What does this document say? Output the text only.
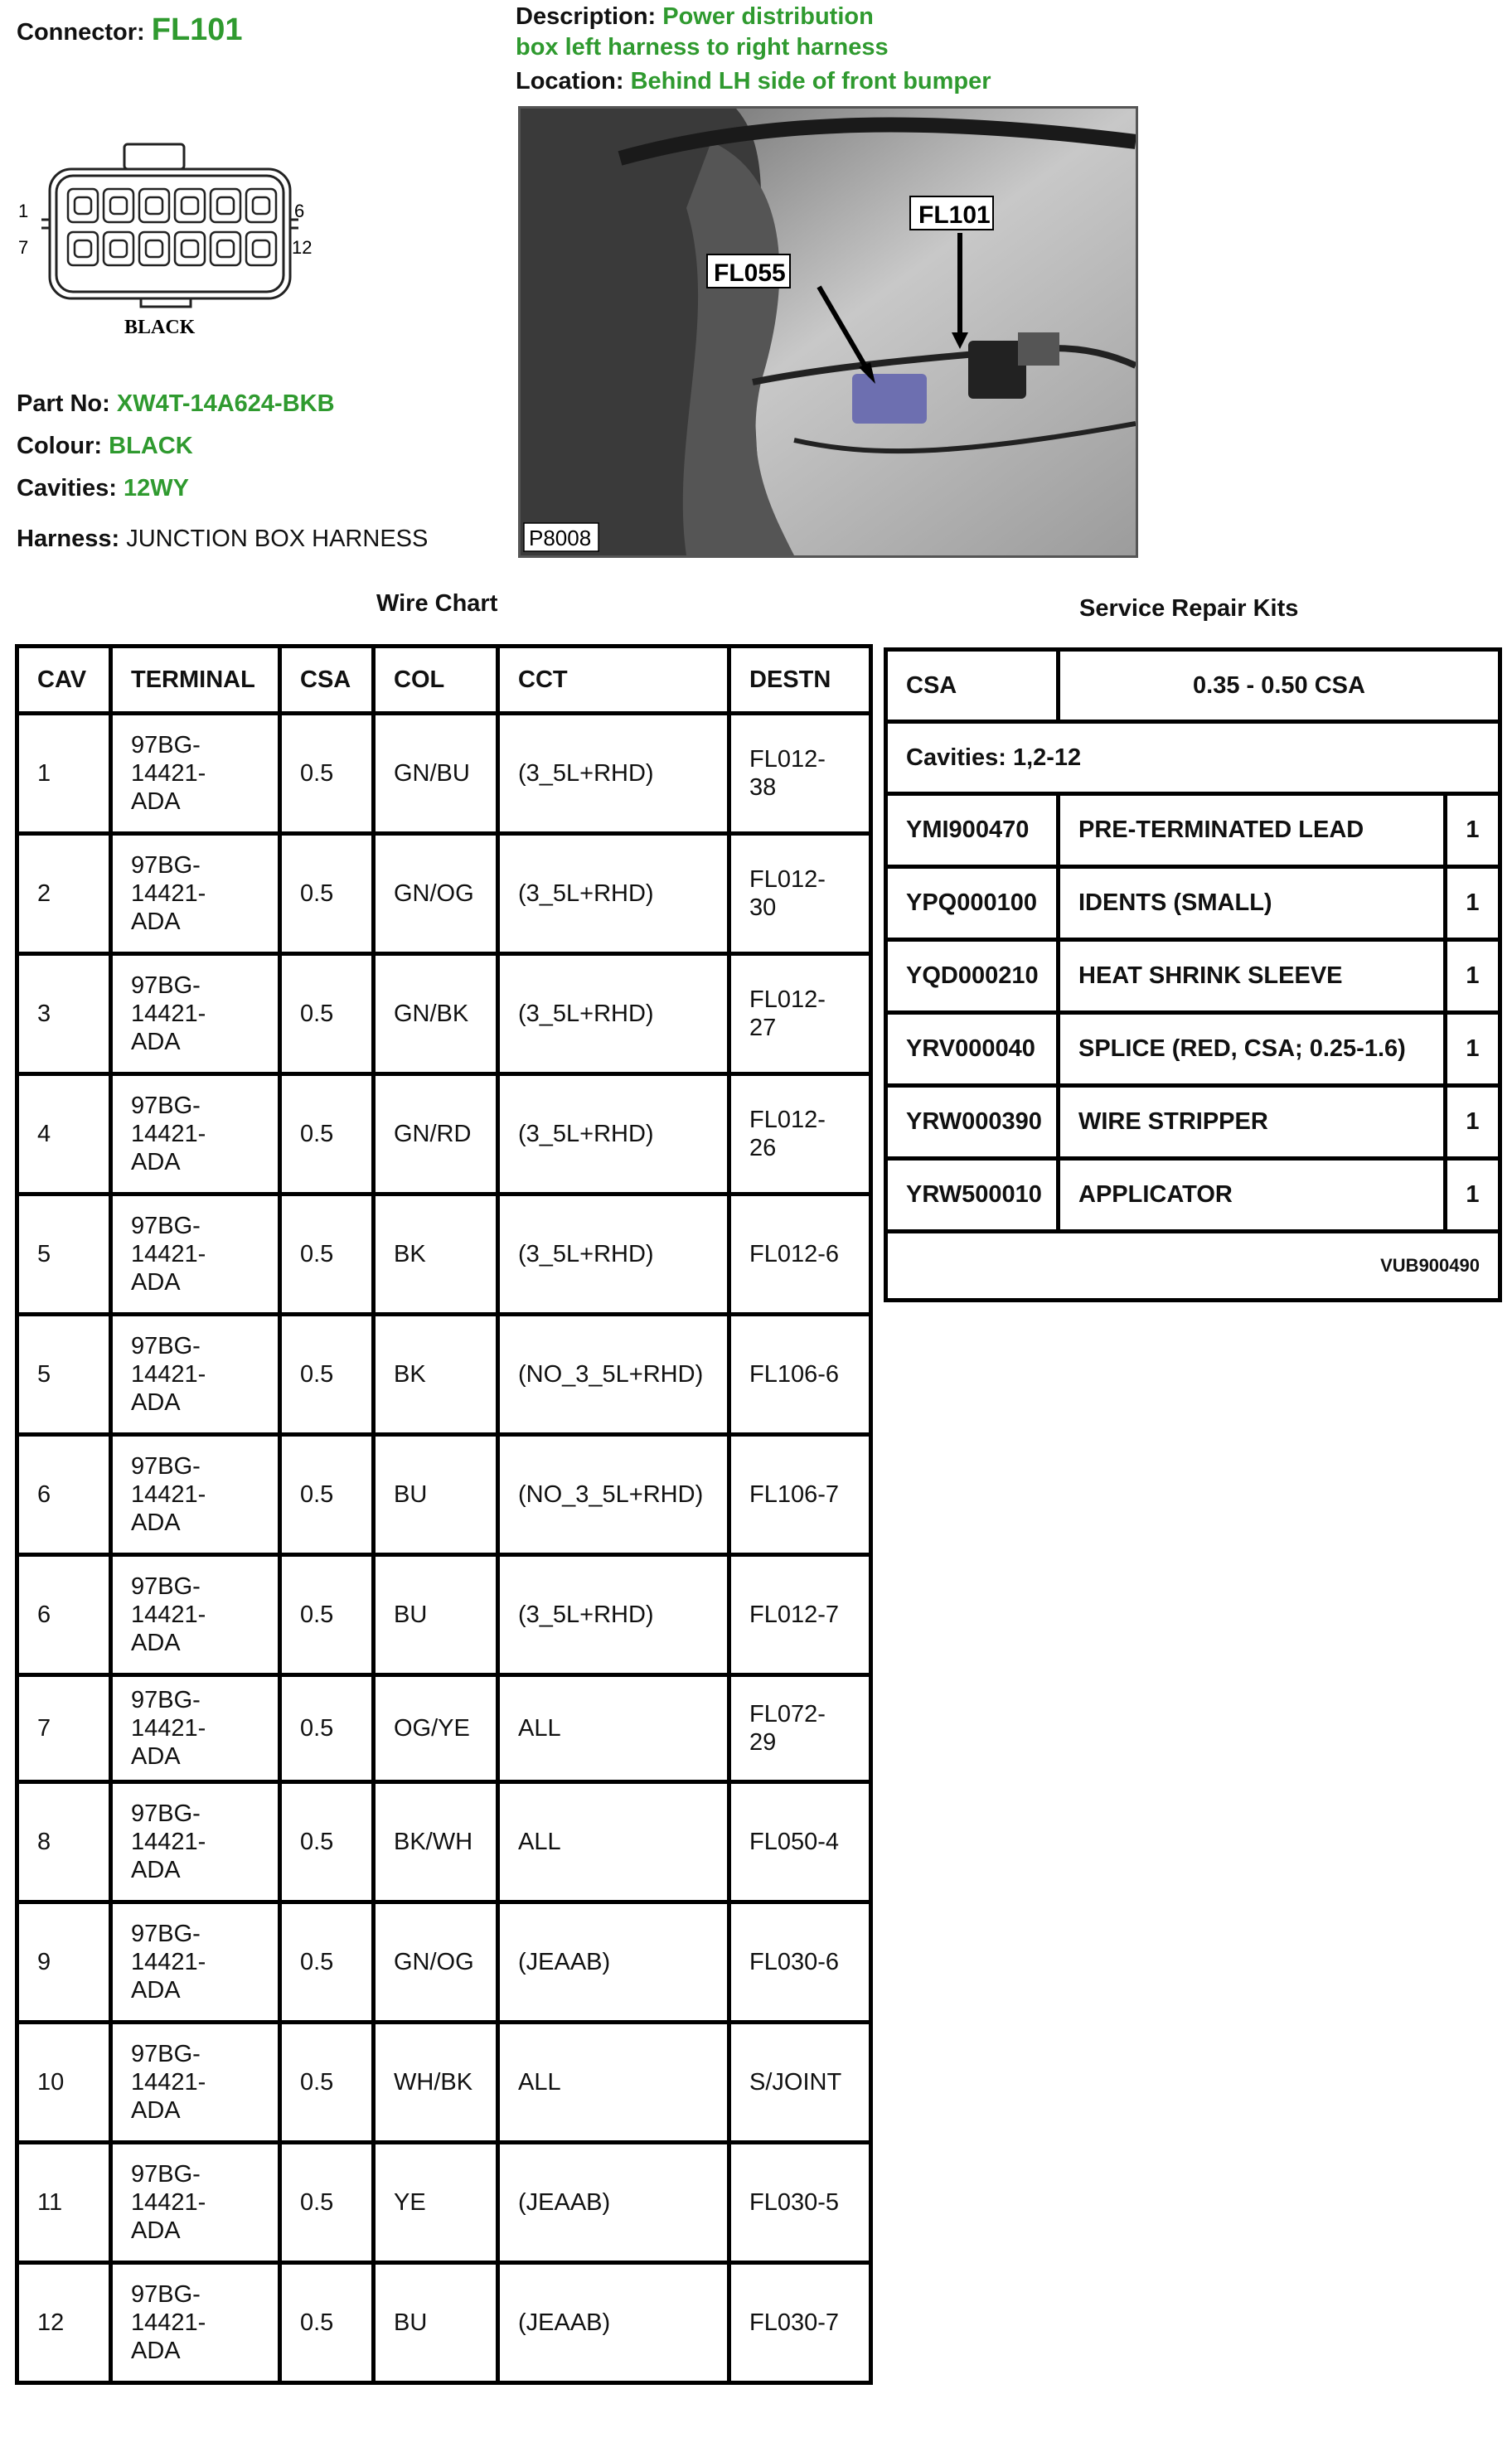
Connector: FL101	Description: Power distribution
box left harness to right harness
Location: Behind LH side of front bumper
1	6
7	12
BLACK
FL101
FL055
P8008
Part No: XW4T-14A624-BKB
Colour: BLACK
Cavities: 12WY
Harness: JUNCTION BOX HARNESS
Wire Chart	Service Repair Kits
CAV	TERMINAL	CSA	COL	CCT	DESTN
1	97BG-
14421-
ADA	0.5	GN/BU	(3_5L+RHD)	FL012-
38
2	97BG-
14421-
ADA	0.5	GN/OG	(3_5L+RHD)	FL012-
30
3	97BG-
14421-
ADA	0.5	GN/BK	(3_5L+RHD)	FL012-
27
4	97BG-
14421-
ADA	0.5	GN/RD	(3_5L+RHD)	FL012-
26
5	97BG-
14421-
ADA	0.5	BK	(3_5L+RHD)	FL012-6
5	97BG-
14421-
ADA	0.5	BK	(NO_3_5L+RHD)	FL106-6
6	97BG-
14421-
ADA	0.5	BU	(NO_3_5L+RHD)	FL106-7
6	97BG-
14421-
ADA	0.5	BU	(3_5L+RHD)	FL012-7
7	97BG-
14421-
ADA	0.5	OG/YE	ALL	FL072-
29
8	97BG-
14421-
ADA	0.5	BK/WH	ALL	FL050-4
9	97BG-
14421-
ADA	0.5	GN/OG	(JEAAB)	FL030-6
10	97BG-
14421-
ADA	0.5	WH/BK	ALL	S/JOINT
11	97BG-
14421-
ADA	0.5	YE	(JEAAB)	FL030-5
12	97BG-
14421-
ADA	0.5	BU	(JEAAB)	FL030-7
CSA	0.35 - 0.50 CSA
Cavities: 1,2-12
YMI900470	PRE-TERMINATED LEAD	1
YPQ000100	IDENTS (SMALL)	1
YQD000210	HEAT SHRINK SLEEVE	1
YRV000040	SPLICE (RED, CSA; 0.25-1.6)	1
YRW000390	WIRE STRIPPER	1
YRW500010	APPLICATOR	1
VUB900490
